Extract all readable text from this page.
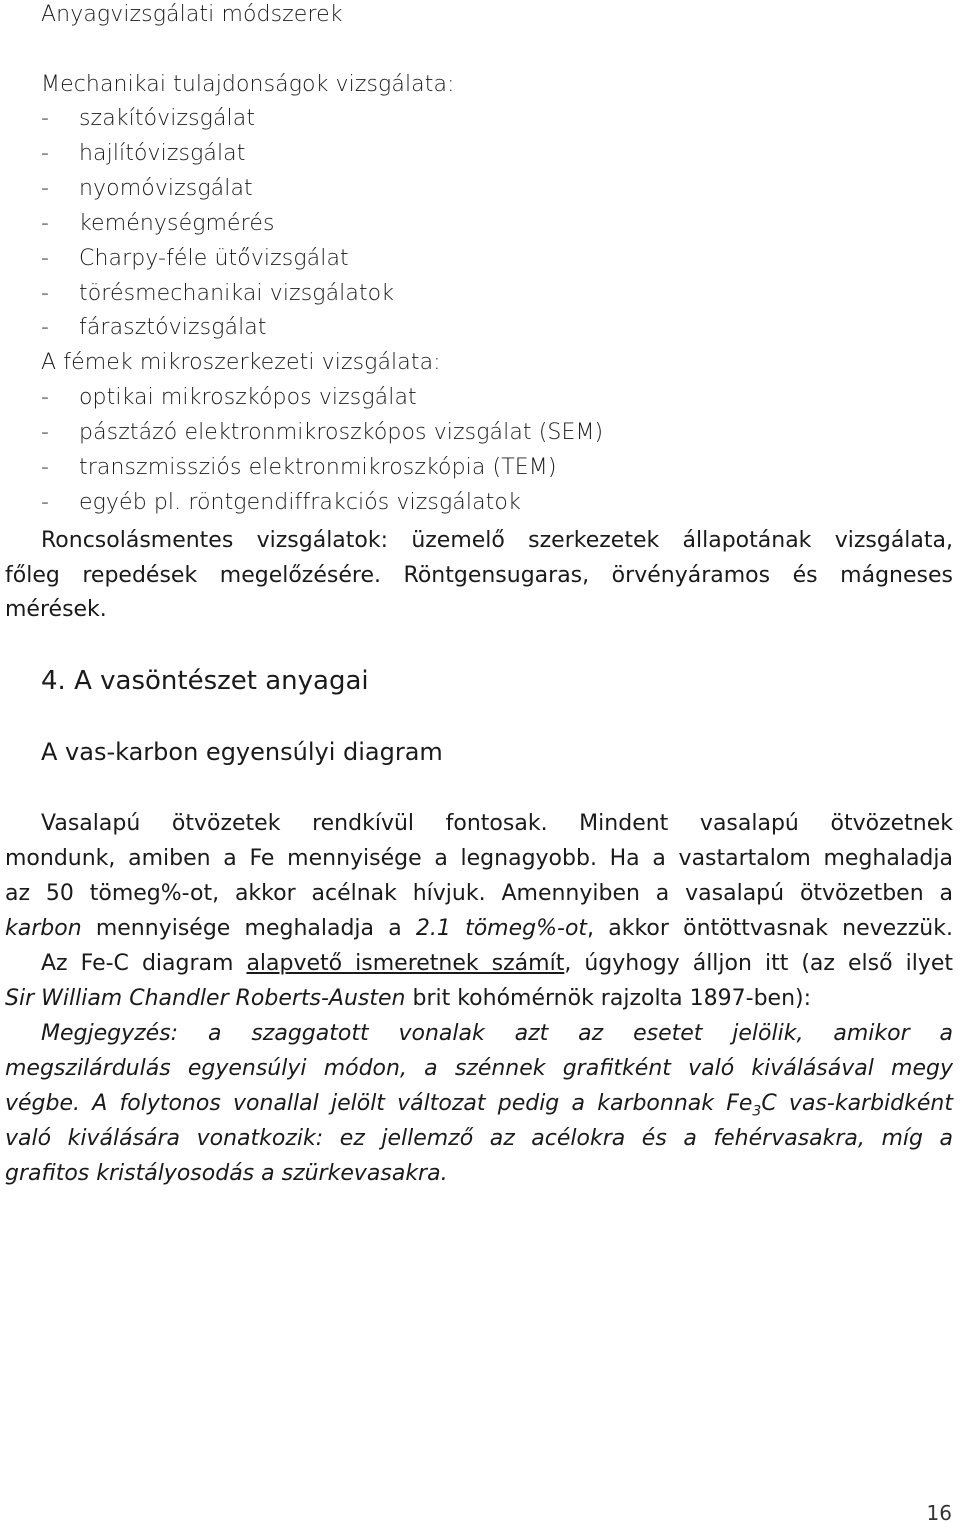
Anyagvizsgálati módszerek
Mechanikai tulajdonságok vizsgálata:
- szakítóvizsgálat
- hajlítóvizsgálat
- nyomóvizsgálat
- keménységmérés
- Charpy-féle ütővizsgálat
- törésmechanikai vizsgálatok
- fárasztóvizsgálat
A fémek mikroszerkezeti vizsgálata:
- optikai mikroszkópos vizsgálat
- pásztázó elektronmikroszkópos vizsgálat (SEM)
- transzmissziós elektronmikroszkópia (TEM)
- egyéb pl. röntgendiffrakciós vizsgálatok
Roncsolásmentes vizsgálatok: üzemelő szerkezetek állapotának vizsgálata,
főleg repedések megelőzésére. Röntgensugaras, örvényáramos és mágneses
mérések.
4. A vasöntészet anyagai
A vas-karbon egyensúlyi diagram
Vasalapú ötvözetek rendkívül fontosak. Mindent vasalapú ötvözetnek
mondunk, amiben a Fe mennyisége a legnagyobb. Ha a vastartalom meghaladja
az 50 tömeg%-ot, akkor acélnak hívjuk. Amennyiben a vasalapú ötvözetben a
karbon mennyisége meghaladja a 2.1 tömeg%-ot, akkor öntöttvasnak nevezzük.
Az Fe-C diagram alapvető ismeretnek számít, úgyhogy álljon itt (az első ilyet
Sir William Chandler Roberts-Austen brit kohómérnök rajzolta 1897-ben):
Megjegyzés: a szaggatott vonalak azt az esetet jelölik, amikor a
megszilárdulás egyensúlyi módon, a szénnek grafitként való kiválásával megy
végbe. A folytonos vonallal jelölt változat pedig a karbonnak $Fe_3C$ vas-karbidként
való kiválására vonatkozik: ez jellemző az acélokra és a fehérvasakra, míg a
grafitos kristályosodás a szürkevasakra.
16
